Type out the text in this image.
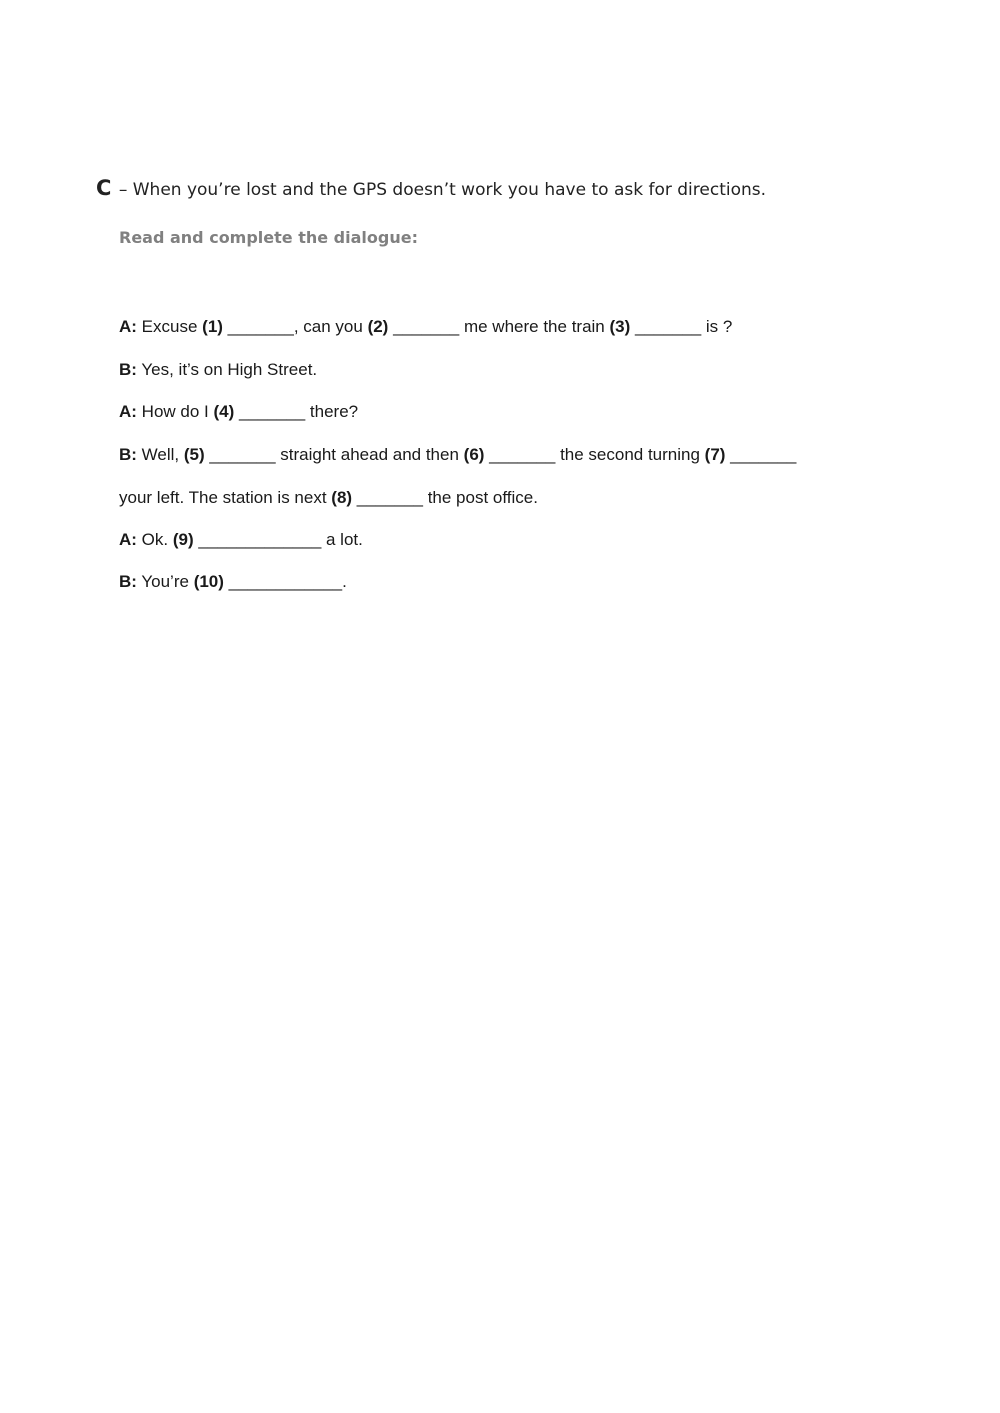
C – When you’re lost and the GPS doesn’t work you have to ask for directions.
Read and complete the dialogue:
A: Excuse (1) _______, can you (2) _______ me where the train (3) _______ is ?
B: Yes, it’s on High Street.
A: How do I (4) _______ there?
B: Well, (5) _______ straight ahead and then (6) _______ the second turning (7) _______
your left. The station is next (8) _______ the post office.
A: Ok. (9) _____________ a lot.
B: You’re (10) ____________.
